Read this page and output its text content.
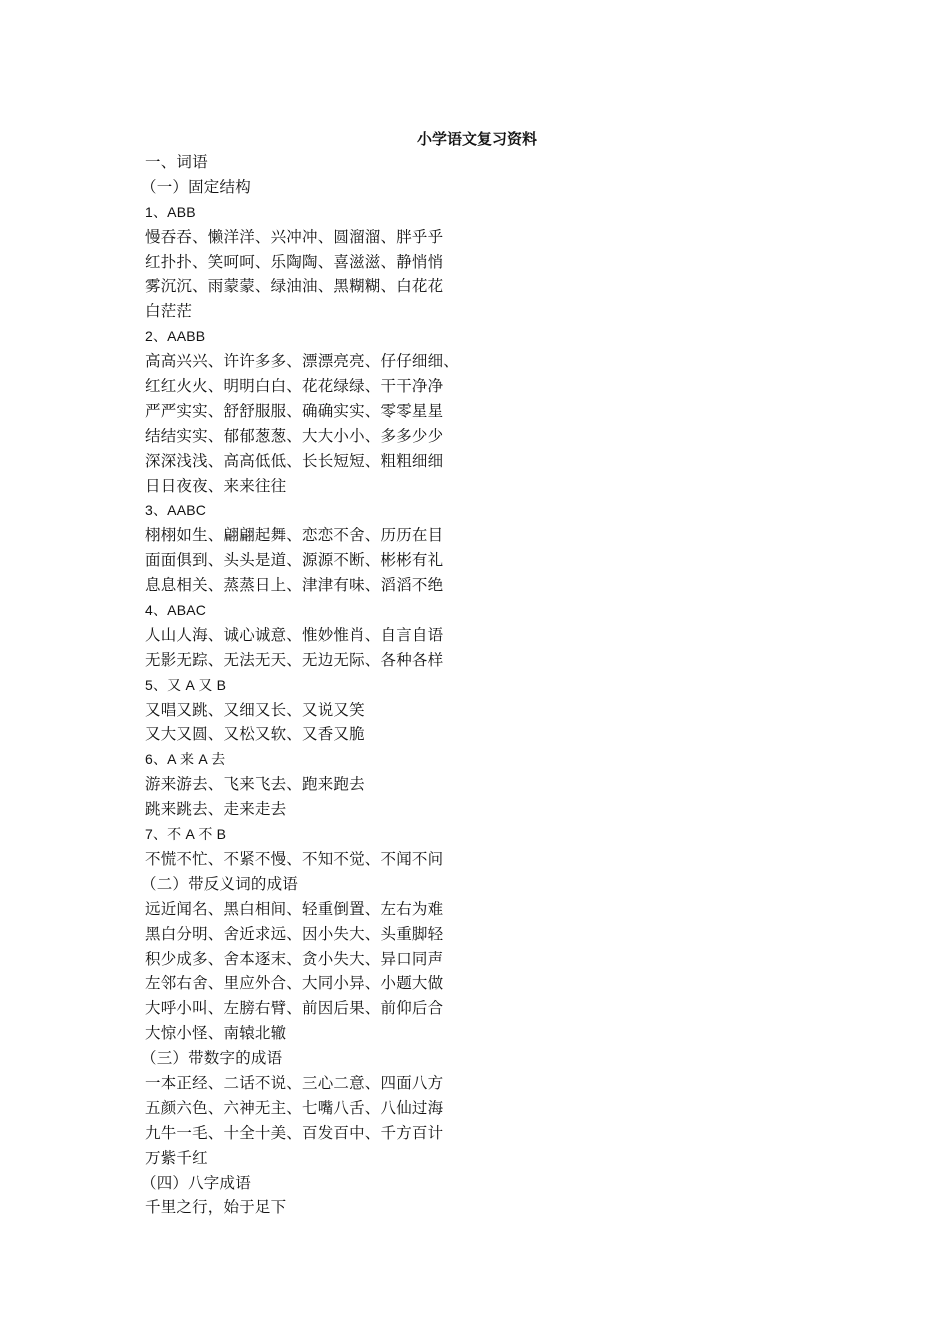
小学语文复习资料
一、词语
（一）固定结构
1、ABB
慢吞吞、懒洋洋、兴冲冲、圆溜溜、胖乎乎
红扑扑、笑呵呵、乐陶陶、喜滋滋、静悄悄
雾沉沉、雨蒙蒙、绿油油、黑糊糊、白花花
白茫茫
2、AABB
高高兴兴、许许多多、漂漂亮亮、仔仔细细、
红红火火、明明白白、花花绿绿、干干净净
严严实实、舒舒服服、确确实实、零零星星
结结实实、郁郁葱葱、大大小小、多多少少
深深浅浅、高高低低、长长短短、粗粗细细
日日夜夜、来来往往
3、AABC
栩栩如生、翩翩起舞、恋恋不舍、历历在目
面面俱到、头头是道、源源不断、彬彬有礼
息息相关、蒸蒸日上、津津有味、滔滔不绝
4、ABAC
人山人海、诚心诚意、惟妙惟肖、自言自语
无影无踪、无法无天、无边无际、各种各样
5、又 A 又 B
又唱又跳、又细又长、又说又笑
又大又圆、又松又软、又香又脆
6、A 来 A 去
游来游去、飞来飞去、跑来跑去
跳来跳去、走来走去
7、不 A 不 B
不慌不忙、不紧不慢、不知不觉、不闻不问
（二）带反义词的成语
远近闻名、黑白相间、轻重倒置、左右为难
黑白分明、舍近求远、因小失大、头重脚轻
积少成多、舍本逐末、贪小失大、异口同声
左邻右舍、里应外合、大同小异、小题大做
大呼小叫、左膀右臂、前因后果、前仰后合
大惊小怪、南辕北辙
（三）带数字的成语
一本正经、二话不说、三心二意、四面八方
五颜六色、六神无主、七嘴八舌、八仙过海
九牛一毛、十全十美、百发百中、千方百计
万紫千红
（四）八字成语
千里之行，始于足下
